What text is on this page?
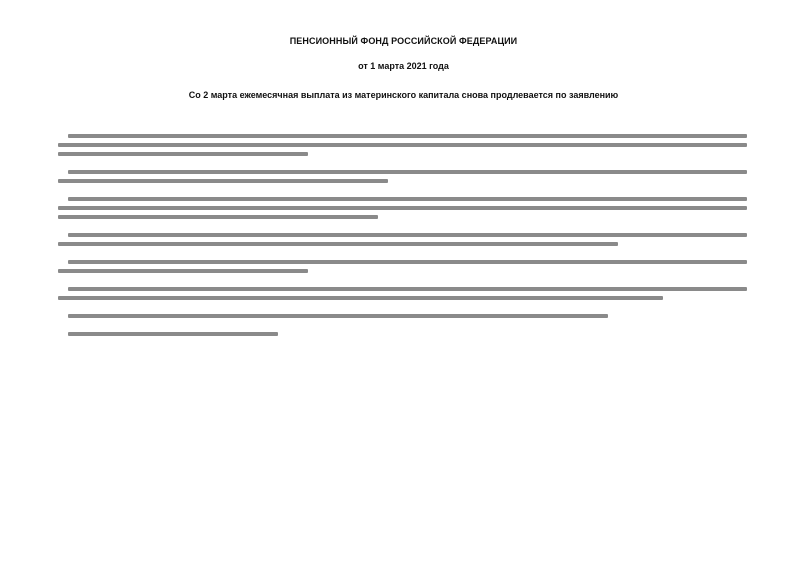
ПЕНСИОННЫЙ ФОНД РОССИЙСКОЙ ФЕДЕРАЦИИ
от 1 марта 2021 года
Со 2 марта ежемесячная выплата из материнского капитала снова продлевается по заявлению
